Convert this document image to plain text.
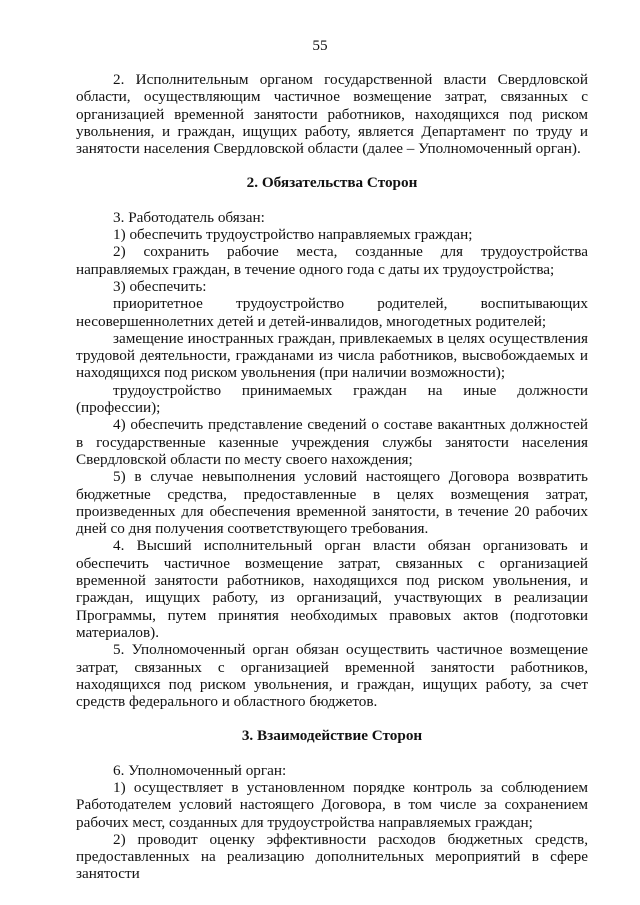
55

2. Исполнительным органом государственной власти Свердловской области, осуществляющим частичное возмещение затрат, связанных с организацией временной занятости работников, находящихся под риском увольнения, и граждан, ищущих работу, является Департамент по труду и занятости населения Свердловской области (далее – Уполномоченный орган).

2. Обязательства Сторон

3. Работодатель обязан:

1) обеспечить трудоустройство направляемых граждан;

2) сохранить рабочие места, созданные для трудоустройства направляемых граждан, в течение одного года с даты их трудоустройства;

3) обеспечить:

приоритетное трудоустройство родителей, воспитывающих несовершеннолетних детей и детей-инвалидов, многодетных родителей;

замещение иностранных граждан, привлекаемых в целях осуществления трудовой деятельности, гражданами из числа работников, высвобождаемых и находящихся под риском увольнения (при наличии возможности);

трудоустройство принимаемых граждан на иные должности (профессии);

4) обеспечить представление сведений о составе вакантных должностей в государственные казенные учреждения службы занятости населения Свердловской области по месту своего нахождения;

5) в случае невыполнения условий настоящего Договора возвратить бюджетные средства, предоставленные в целях возмещения затрат, произведенных для обеспечения временной занятости, в течение 20 рабочих дней со дня получения соответствующего требования.

4. Высший исполнительный орган власти обязан организовать и обеспечить частичное возмещение затрат, связанных с организацией временной занятости работников, находящихся под риском увольнения, и граждан, ищущих работу, из организаций, участвующих в реализации Программы, путем принятия необходимых правовых актов (подготовки материалов).

5. Уполномоченный орган обязан осуществить частичное возмещение затрат, связанных с организацией временной занятости работников, находящихся под риском увольнения, и граждан, ищущих работу, за счет средств федерального и областного бюджетов.

3. Взаимодействие Сторон

6. Уполномоченный орган:

1) осуществляет в установленном порядке контроль за соблюдением Работодателем условий настоящего Договора, в том числе за сохранением рабочих мест, созданных для трудоустройства направляемых граждан;

2) проводит оценку эффективности расходов бюджетных средств, предоставленных на реализацию дополнительных мероприятий в сфере занятости
